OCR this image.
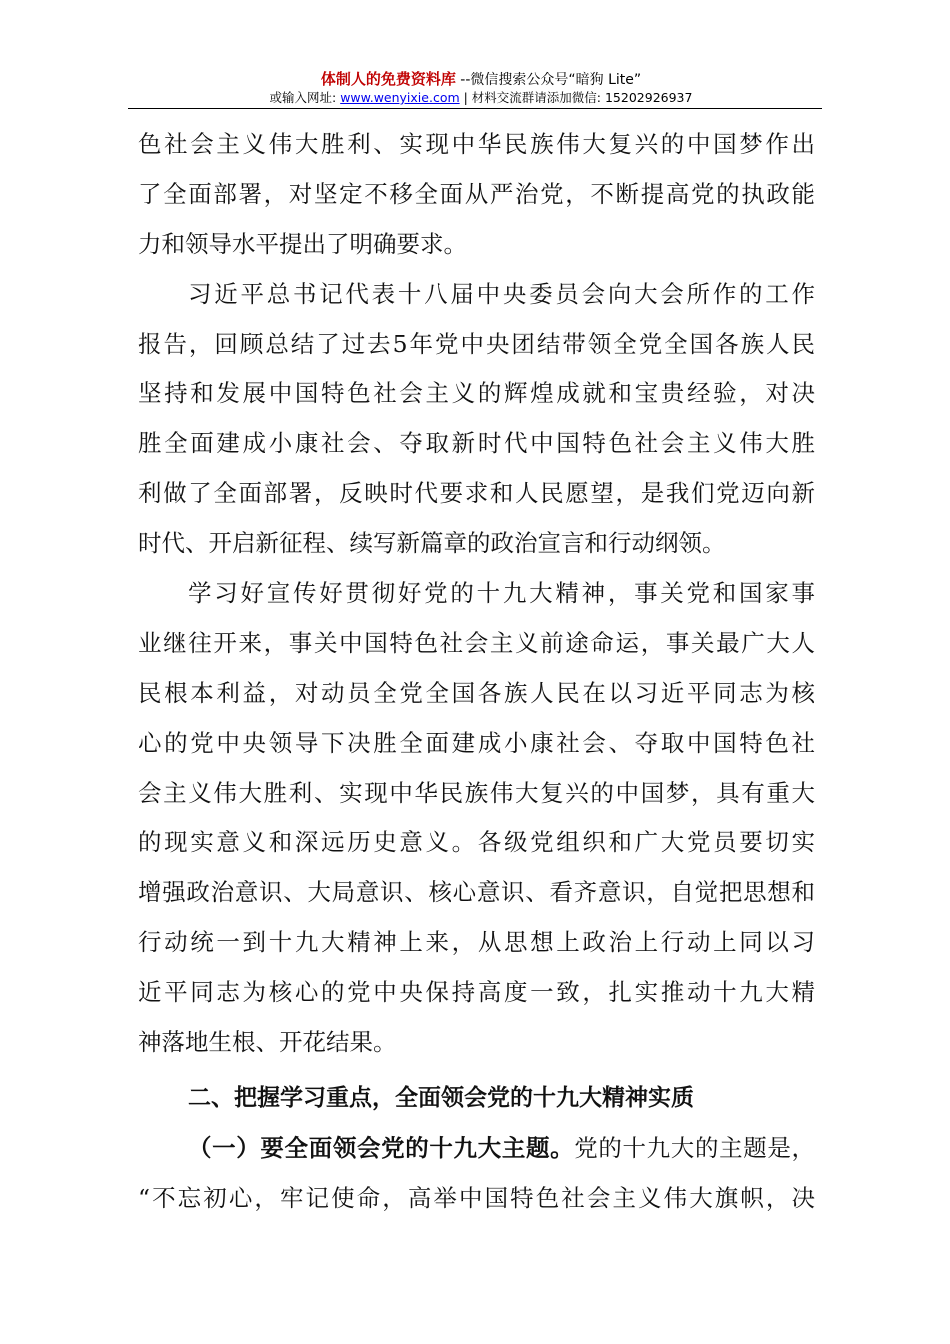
体制人的免费资料库 --微信搜索公众号“暗狗 Lite”
或输入网址: www.wenyixie.com | 材料交流群请添加微信: 15202926937
色社会主义伟大胜利、实现中华民族伟大复兴的中国梦作出
了全面部署，对坚定不移全面从严治党，不断提高党的执政能
力和领导水平提出了明确要求。
习近平总书记代表十八届中央委员会向大会所作的工作
报告，回顾总结了过去5年党中央团结带领全党全国各族人民
坚持和发展中国特色社会主义的辉煌成就和宝贵经验，对决
胜全面建成小康社会、夺取新时代中国特色社会主义伟大胜
利做了全面部署，反映时代要求和人民愿望，是我们党迈向新
时代、开启新征程、续写新篇章的政治宣言和行动纲领。
学习好宣传好贯彻好党的十九大精神，事关党和国家事
业继往开来，事关中国特色社会主义前途命运，事关最广大人
民根本利益，对动员全党全国各族人民在以习近平同志为核
心的党中央领导下决胜全面建成小康社会、夺取中国特色社
会主义伟大胜利、实现中华民族伟大复兴的中国梦，具有重大
的现实意义和深远历史意义。各级党组织和广大党员要切实
增强政治意识、大局意识、核心意识、看齐意识，自觉把思想和
行动统一到十九大精神上来，从思想上政治上行动上同以习
近平同志为核心的党中央保持高度一致，扎实推动十九大精
神落地生根、开花结果。
二、把握学习重点，全面领会党的十九大精神实质
（一）要全面领会党的十九大主题。党的十九大的主题是，
“不忘初心，牢记使命，高举中国特色社会主义伟大旗帜，决
